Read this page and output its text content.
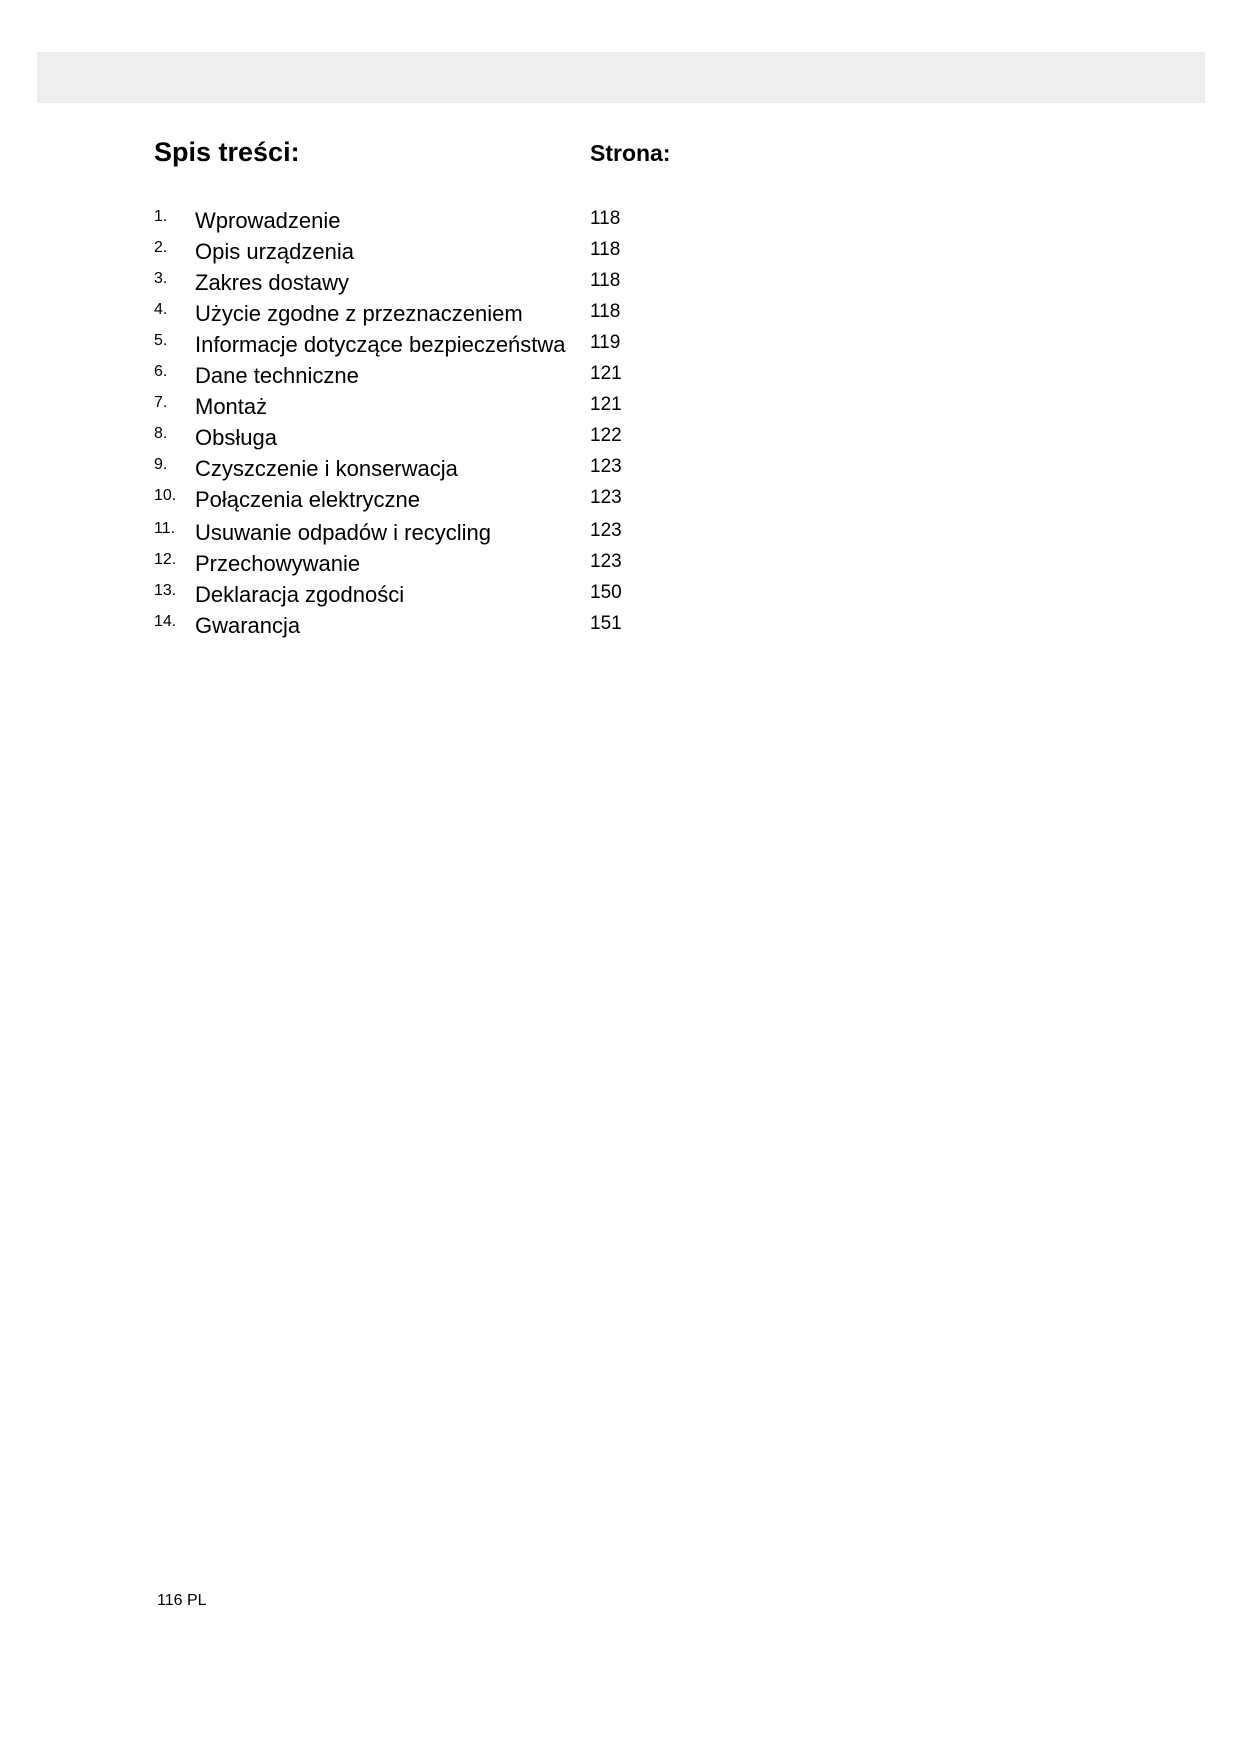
Spis treści:	Strona:
1. Wprowadzenie	118
2. Opis urządzenia	118
3. Zakres dostawy	118
4. Użycie zgodne z przeznaczeniem	118
5. Informacje dotyczące bezpieczeństwa 119
6. Dane techniczne	121
7. Montaż	121
8. Obsługa	122
9. Czyszczenie i konserwacja	123
10. Połączenia elektryczne	123
11. Usuwanie odpadów i recycling	123
12. Przechowywanie	123
13. Deklaracja zgodności	150
14. Gwarancja	151
116 PL
